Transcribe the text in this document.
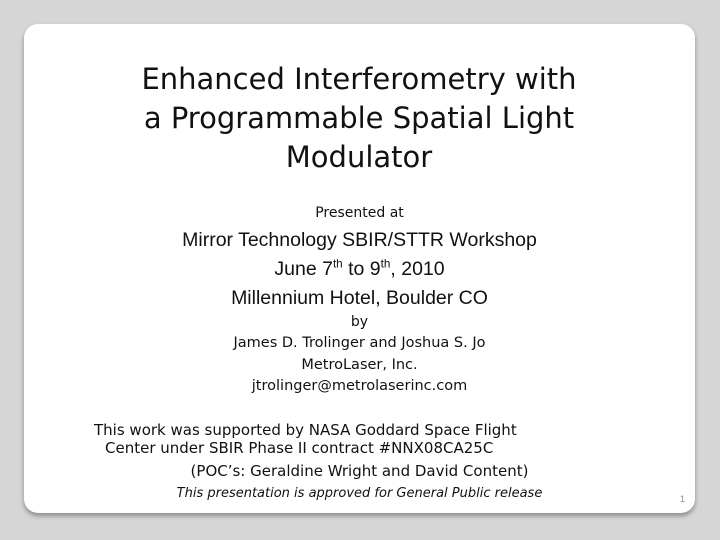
Enhanced Interferometry with
a Programmable Spatial Light
Modulator
Presented at
Mirror Technology SBIR/STTR Workshop
June 7th to 9th, 2010
Millennium Hotel, Boulder CO
by
James D. Trolinger and Joshua S. Jo
MetroLaser, Inc.
jtrolinger@metrolaserinc.com
This work was supported by NASA Goddard Space Flight
Center under SBIR Phase II contract #NNX08CA25C
(POC’s: Geraldine Wright and David Content)
This presentation is approved for General Public release	1
